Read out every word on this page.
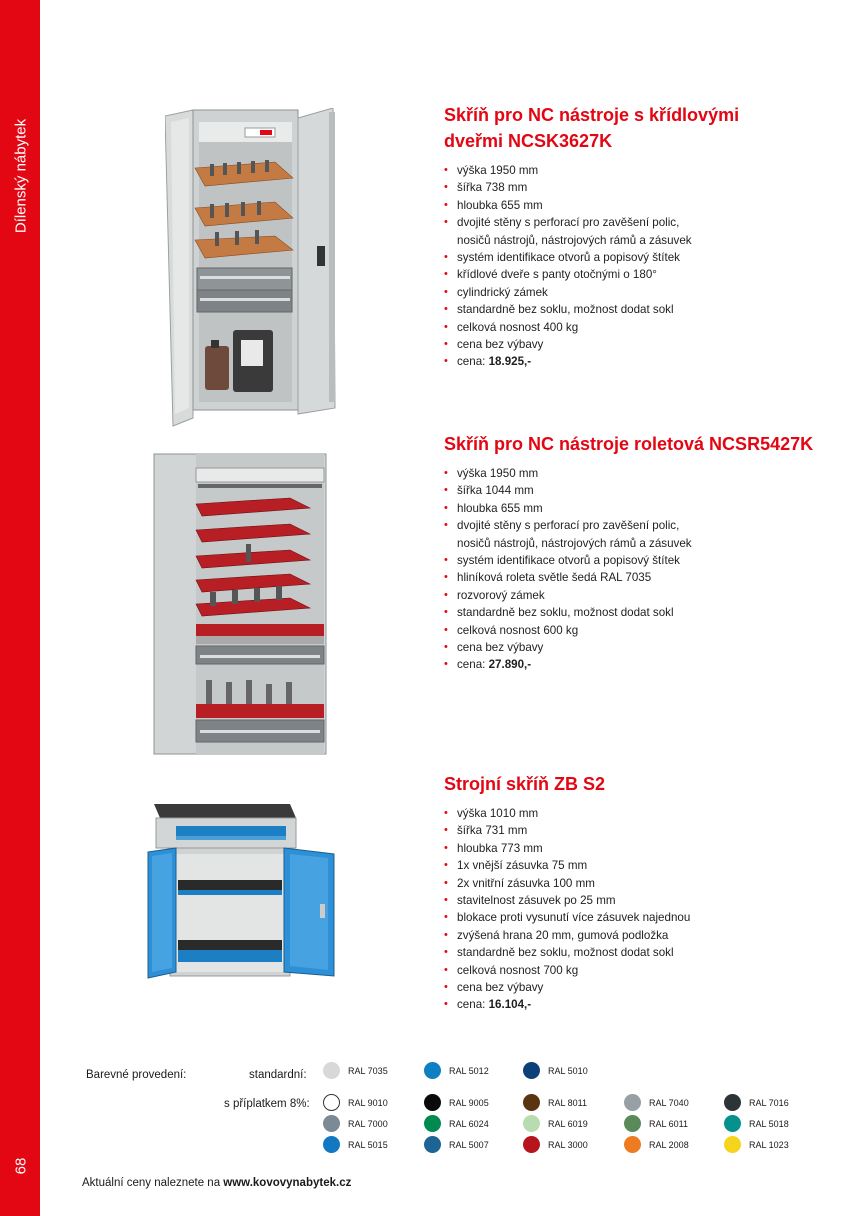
Dílenský nábytek
68
Skříň pro NC nástroje s křídlovými
dveřmi NCSK3627K
• výška 1950 mm
• šířka 738 mm
• hloubka 655 mm
• dvojité stěny s perforací pro zavěšení polic,
nosičů nástrojů, nástrojových rámů a zásuvek
• systém identifikace otvorů a popisový štítek
• křídlové dveře s panty otočnými o 180°
• cylindrický zámek
• standardně bez soklu, možnost dodat sokl
• celková nosnost 400 kg
• cena bez výbavy
• cena: 18.925,-
Skříň pro NC nástroje roletová NCSR5427K
• výška 1950 mm
• šířka 1044 mm
• hloubka 655 mm
• dvojité stěny s perforací pro zavěšení polic,
nosičů nástrojů, nástrojových rámů a zásuvek
• systém identifikace otvorů a popisový štítek
• hliníková roleta světle šedá RAL 7035
• rozvorový zámek
• standardně bez soklu, možnost dodat sokl
• celková nosnost 600 kg
• cena bez výbavy
• cena: 27.890,-
Strojní skříň ZB S2
• výška 1010 mm
• šířka 731 mm
• hloubka 773 mm
• 1x vnější zásuvka 75 mm
• 2x vnitřní zásuvka 100 mm
• stavitelnost zásuvek po 25 mm
• blokace proti vysunutí více zásuvek najednou
• zvýšená hrana 20 mm, gumová podložka
• standardně bez soklu, možnost dodat sokl
• celková nosnost 700 kg
• cena bez výbavy
• cena: 16.104,-
Barevné provedení:	standardní:
s příplatkem 8%:
RAL 7035	RAL 5012	RAL 5010
RAL 9010	RAL 9005	RAL 8011	RAL 7040	RAL 7016
RAL 7000	RAL 6024	RAL 6019	RAL 6011	RAL 5018
RAL 5015	RAL 5007	RAL 3000	RAL 2008	RAL 1023
Aktuální ceny naleznete na www.kovovynabytek.cz
